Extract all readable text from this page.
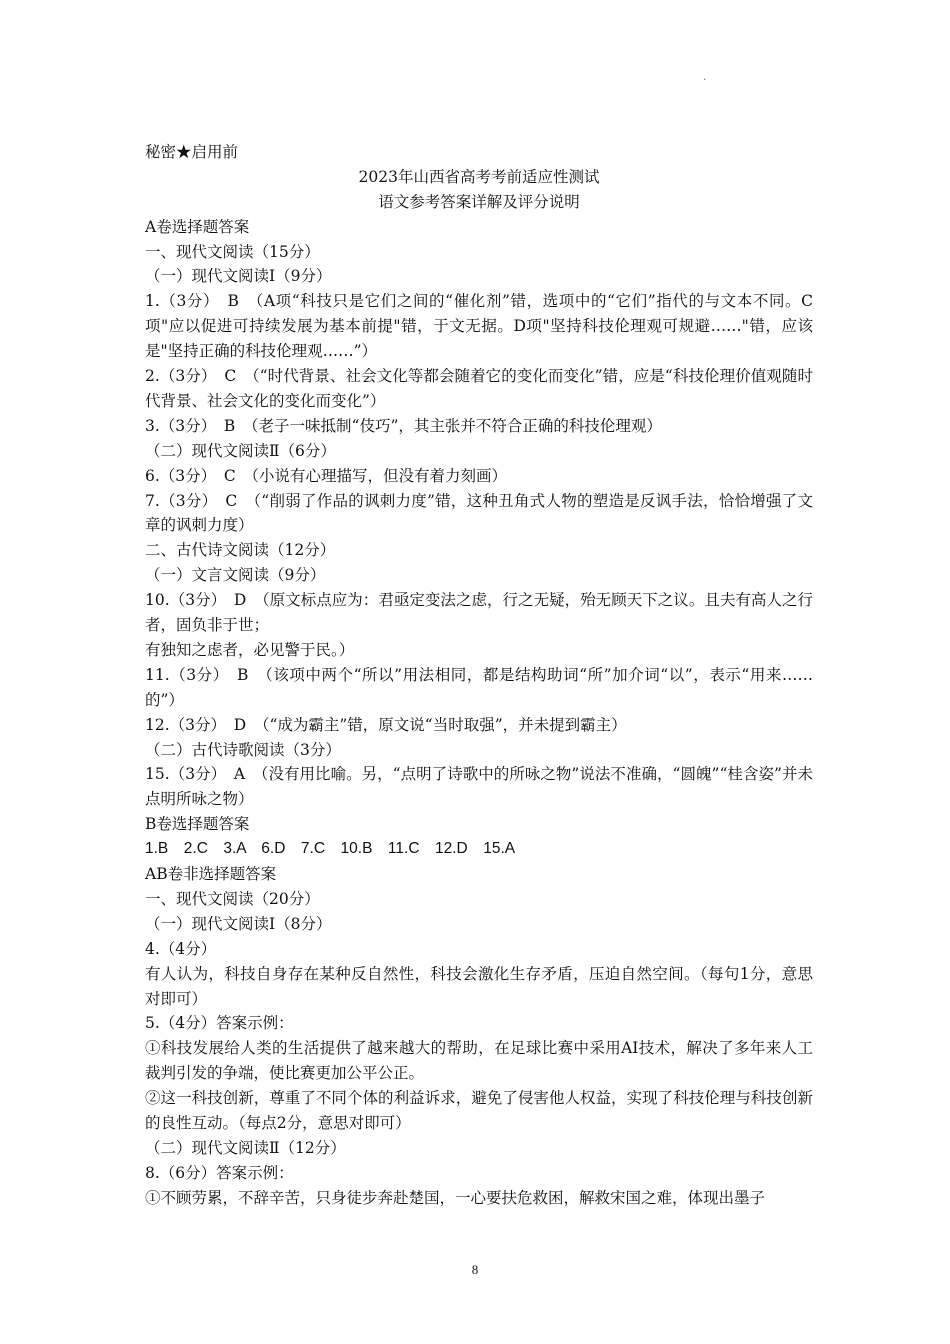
.
秘密★启用前
2023年山西省高考考前适应性测试
语文参考答案详解及评分说明
A卷选择题答案
一、现代文阅读（15分）
（一）现代文阅读Ⅰ（9分）
1.（3分）　B　（A项“科技只是它们之间的“催化剂”错，选项中的“它们”指代的与文本不同。C项"应以促进可持续发展为基本前提"错，于文无据。D项"坚持科技伦理观可规避……"错，应该是"坚持正确的科技伦理观……”）
2.（3分）　C　（“时代背景、社会文化等都会随着它的变化而变化”错，应是“科技伦理价值观随时代背景、社会文化的变化而变化”）
3.（3分）　B　（老子一味抵制“伎巧”，其主张并不符合正确的科技伦理观）
（二）现代文阅读Ⅱ（6分）
6.（3分）　C　（小说有心理描写，但没有着力刻画）
7.（3分）　C　（“削弱了作品的讽刺力度”错，这种丑角式人物的塑造是反讽手法，恰恰增强了文章的讽刺力度）
二、古代诗文阅读（12分）
（一）文言文阅读（9分）
10.（3分）　D　（原文标点应为：君亟定变法之虑，行之无疑，殆无顾天下之议。且夫有高人之行者，固负非于世；
有独知之虑者，必见警于民。）
11.（3分）　B　（该项中两个“所以”用法相同，都是结构助词“所”加介词“以”，表示“用来……的”）
12.（3分）　D　（“成为霸主”错，原文说“当时取强”，并未提到霸主）
（二）古代诗歌阅读（3分）
15.（3分）　A　（没有用比喻。另，“点明了诗歌中的所咏之物”说法不准确，“圆魄”“桂含姿”并未点明所咏之物）
B卷选择题答案
1.B　2.C　3.A　6.D　7.C　10.B　11.C　12.D　15.A
AB卷非选择题答案
一、现代文阅读（20分）
（一）现代文阅读Ⅰ（8分）
4.（4分）
有人认为，科技自身存在某种反自然性，科技会激化生存矛盾，压迫自然空间。（每句1分，意思对即可）
5.（4分）答案示例：
①科技发展给人类的生活提供了越来越大的帮助，在足球比赛中采用AI技术，解决了多年来人工裁判引发的争端，使比赛更加公平公正。
②这一科技创新，尊重了不同个体的利益诉求，避免了侵害他人权益，实现了科技伦理与科技创新的良性互动。（每点2分，意思对即可）
（二）现代文阅读Ⅱ（12分）
8.（6分）答案示例：
①不顾劳累，不辞辛苦，只身徒步奔赴楚国，一心要扶危救困，解救宋国之难，体现出墨子
8
